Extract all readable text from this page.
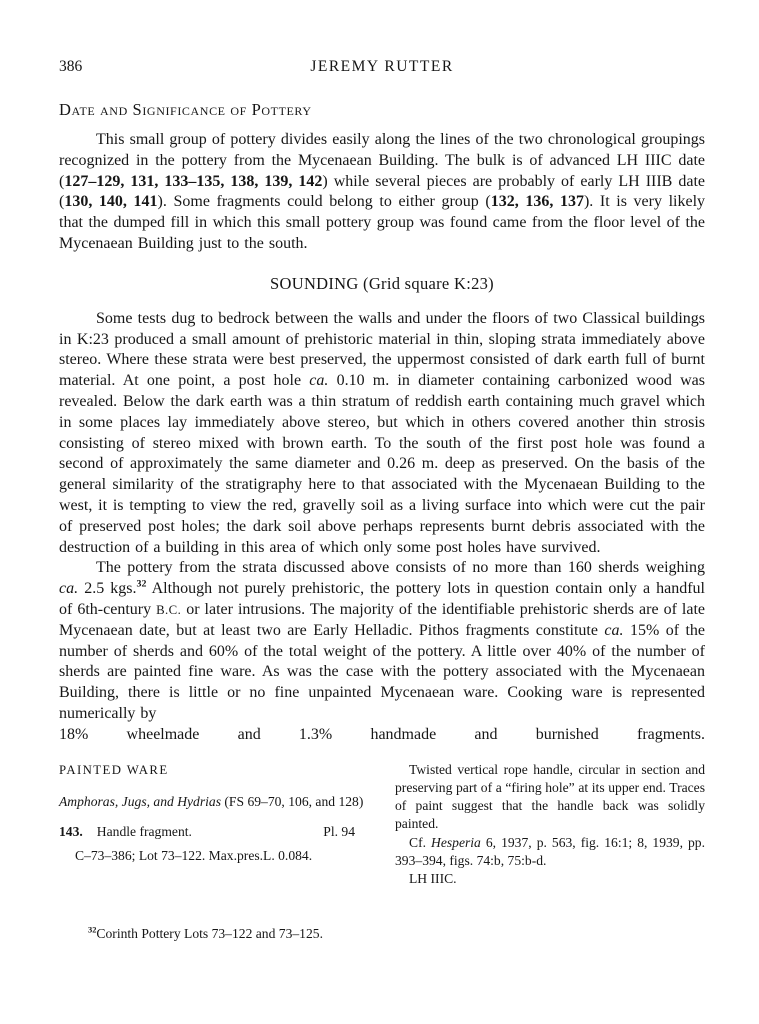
386	JEREMY RUTTER
Date and Significance of Pottery

This small group of pottery divides easily along the lines of the two chronological groupings recognized in the pottery from the Mycenaean Building. The bulk is of advanced LH IIIC date (127–129, 131, 133–135, 138, 139, 142) while several pieces are probably of early LH IIIB date (130, 140, 141). Some fragments could belong to either group (132, 136, 137). It is very likely that the dumped fill in which this small pottery group was found came from the floor level of the Mycenaean Building just to the south.

SOUNDING (Grid square K:23)

Some tests dug to bedrock between the walls and under the floors of two Classical buildings in K:23 produced a small amount of prehistoric material in thin, sloping strata immediately above stereo. Where these strata were best preserved, the uppermost consisted of dark earth full of burnt material. At one point, a post hole ca. 0.10 m. in diameter containing carbonized wood was revealed. Below the dark earth was a thin stratum of reddish earth containing much gravel which in some places lay immediately above stereo, but which in others covered another thin strosis consisting of stereo mixed with brown earth. To the south of the first post hole was found a second of approximately the same diameter and 0.26 m. deep as preserved. On the basis of the general similarity of the stratigraphy here to that associated with the Mycenaean Building to the west, it is tempting to view the red, gravelly soil as a living surface into which were cut the pair of preserved post holes; the dark soil above perhaps represents burnt debris associated with the destruction of a building in this area of which only some post holes have survived.

The pottery from the strata discussed above consists of no more than 160 sherds weighing ca. 2.5 kgs.$^{32}$ Although not purely prehistoric, the pottery lots in question contain only a handful of 6th-century B.C. or later intrusions. The majority of the identifiable prehistoric sherds are of late Mycenaean date, but at least two are Early Helladic. Pithos fragments constitute ca. 15% of the number of sherds and 60% of the total weight of the pottery. A little over 40% of the number of sherds are painted fine ware. As was the case with the pottery associated with the Mycenaean Building, there is little or no fine unpainted Mycenaean ware. Cooking ware is represented numerically by

18% wheelmade and 1.3% handmade and burnished fragments.
PAINTED WARE

Amphoras, Jugs, and Hydrias (FS 69–70, 106, and 128)

143. Handle fragment.	Pl. 94

C–73–386; Lot 73–122. Max.pres.L. 0.084.

Twisted vertical rope handle, circular in section and preserving part of a “firing hole” at its upper end. Traces of paint suggest that the handle back was solidly painted.

Cf. Hesperia 6, 1937, p. 563, fig. 16:1; 8, 1939, pp. 393–394, figs. 74:b, 75:b-d.

LH IIIC.

$^{32}$Corinth Pottery Lots 73–122 and 73–125.
